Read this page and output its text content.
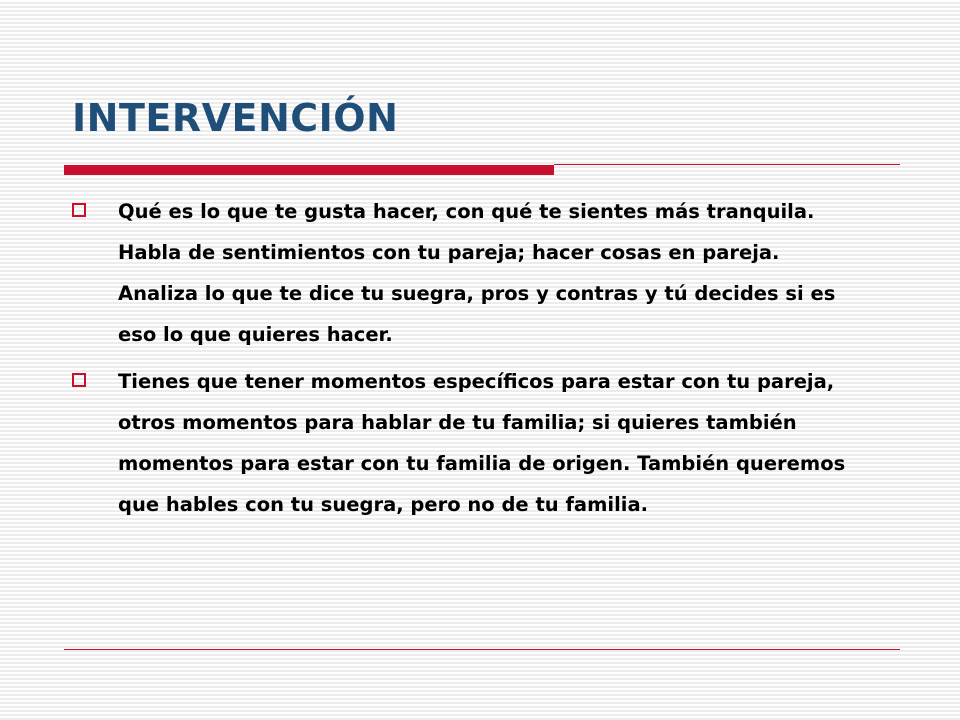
INTERVENCIÓN
Qué es lo que te gusta hacer, con qué te sientes más tranquila. Habla de sentimientos con tu pareja; hacer cosas en pareja. Analiza lo que te dice tu suegra, pros y contras y tú decides si es eso lo que quieres hacer.
Tienes que tener momentos específicos para estar con tu pareja, otros momentos para hablar de tu familia; si quieres también momentos para estar con tu familia de origen. También queremos que hables con tu suegra, pero no de tu familia.
